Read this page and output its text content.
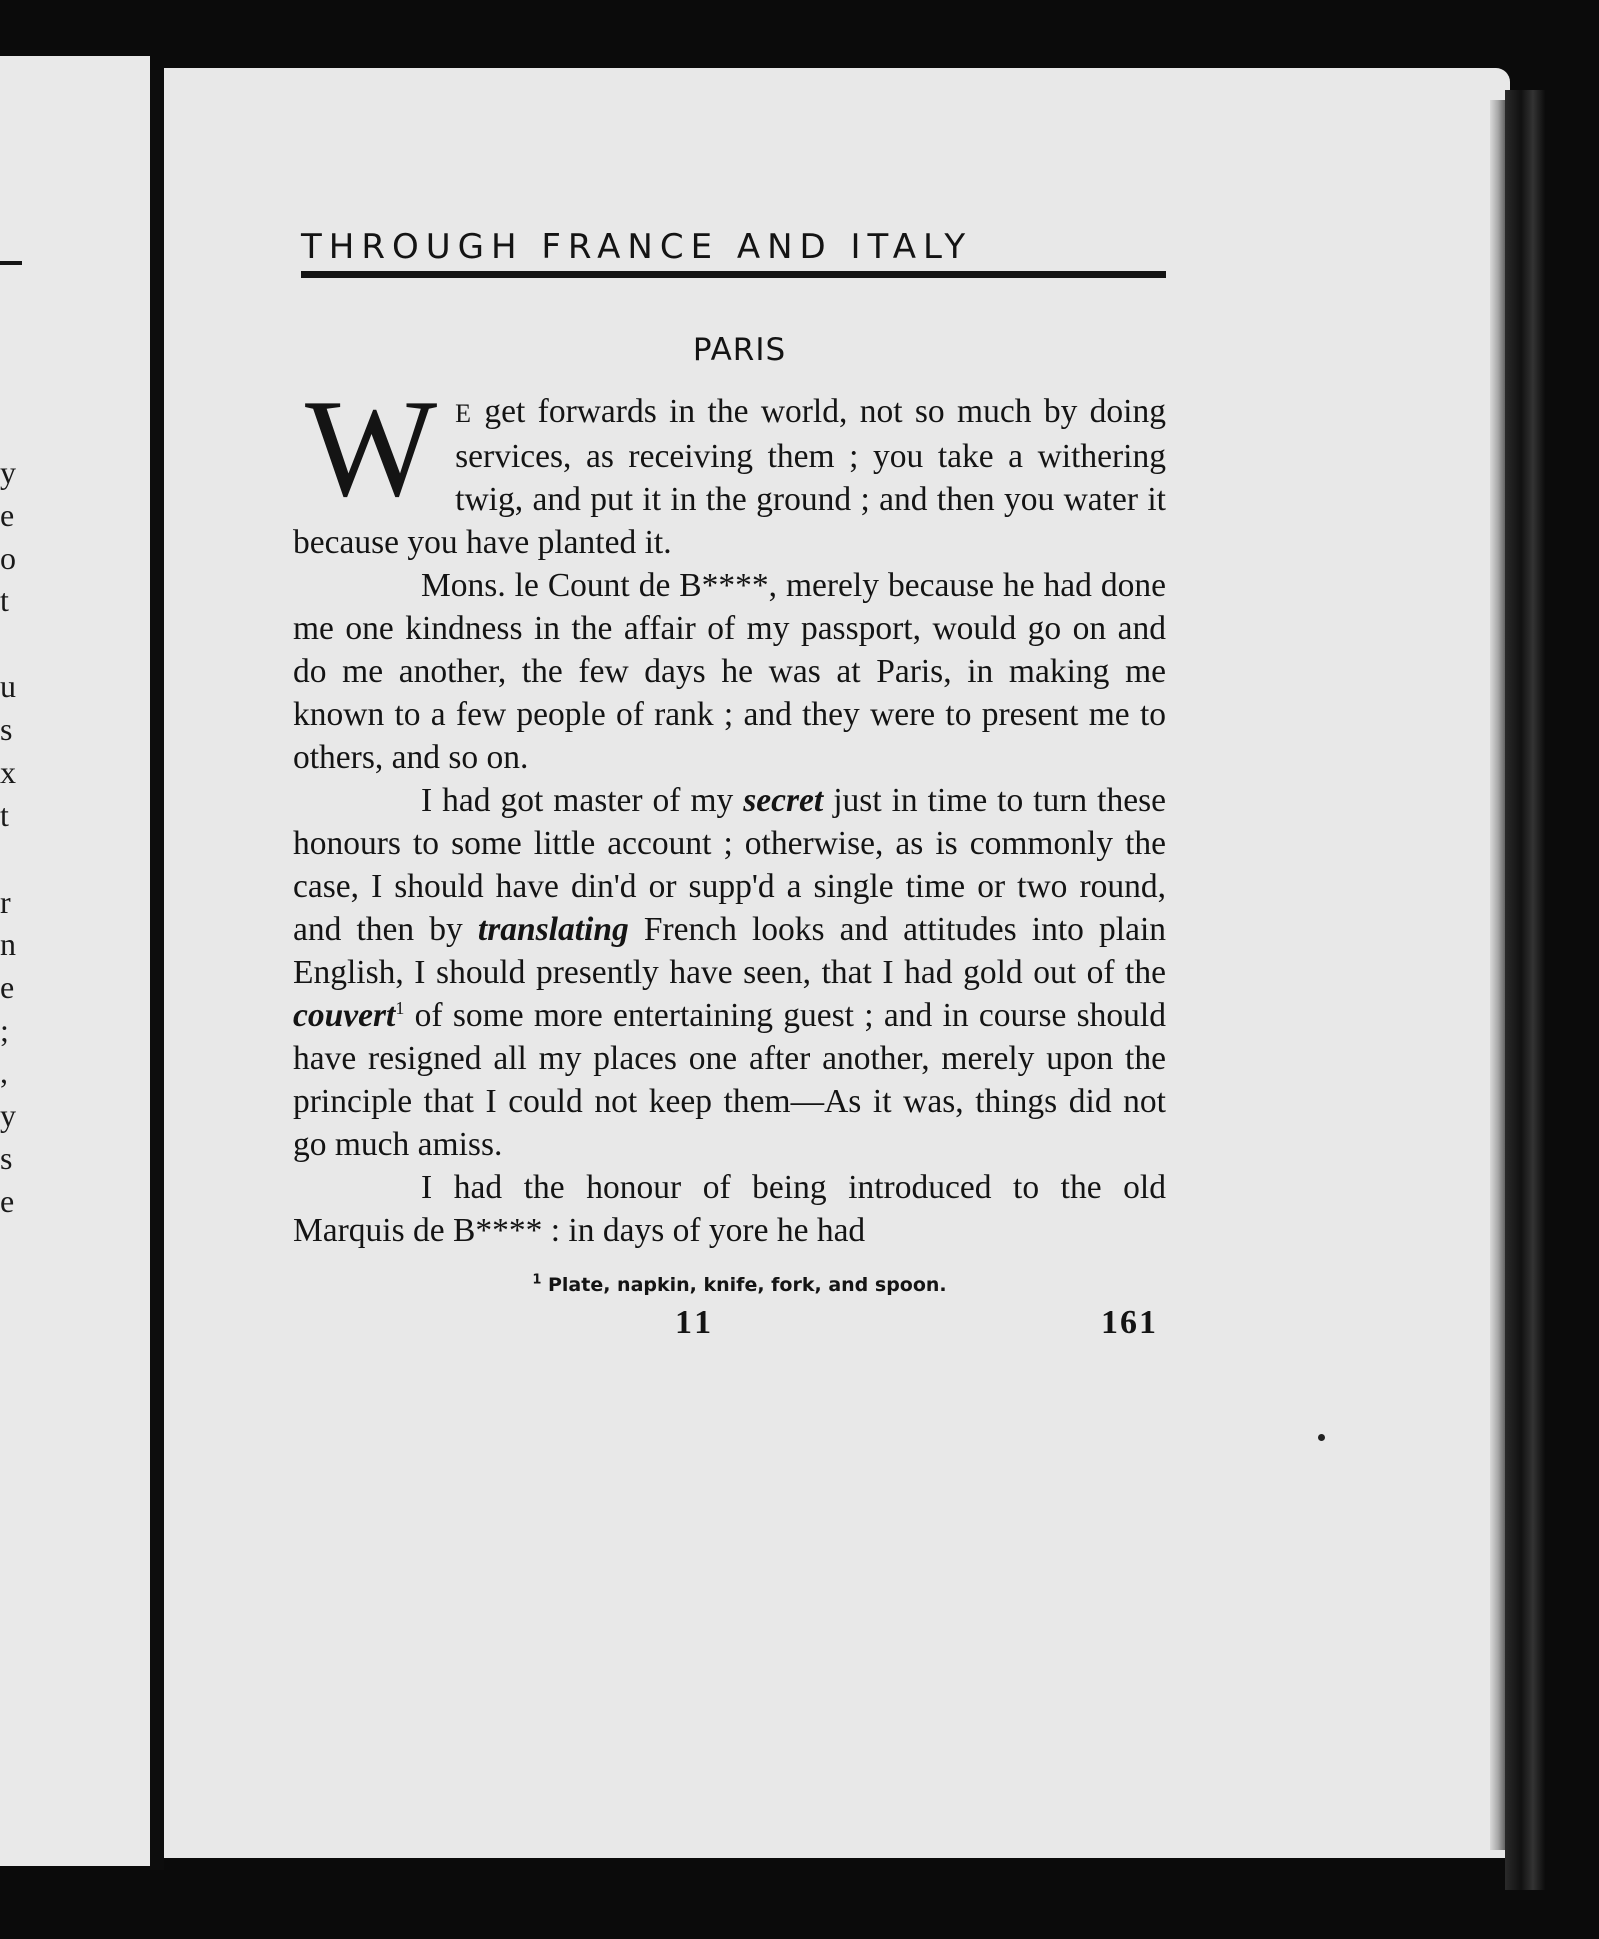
y
e
o
t
u
s
x
t
r
n
e
;
,
y
s
e
THROUGH FRANCE AND ITALY
PARIS

W E get forwards in the world, not so much by doing services, as receiving them ; you take a withering twig, and put it in the ground ; and then you water it because you have planted it.

Mons. le Count de B****, merely because he had done me one kindness in the affair of my passport, would go on and do me another, the few days he was at Paris, in making me known to a few people of rank ; and they were to present me to others, and so on.

I had got master of my secret just in time to turn these honours to some little account ; otherwise, as is commonly the case, I should have din'd or supp'd a single time or two round, and then by translating French looks and attitudes into plain English, I should presently have seen, that I had gold out of the couvert$^1$ of some more entertaining guest ; and in course should have resigned all my places one after another, merely upon the principle that I could not keep them—As it was, things did not go much amiss.

I had the honour of being introduced to the old Marquis de B**** : in days of yore he had

$^1$ Plate, napkin, knife, fork, and spoon.
11	161
